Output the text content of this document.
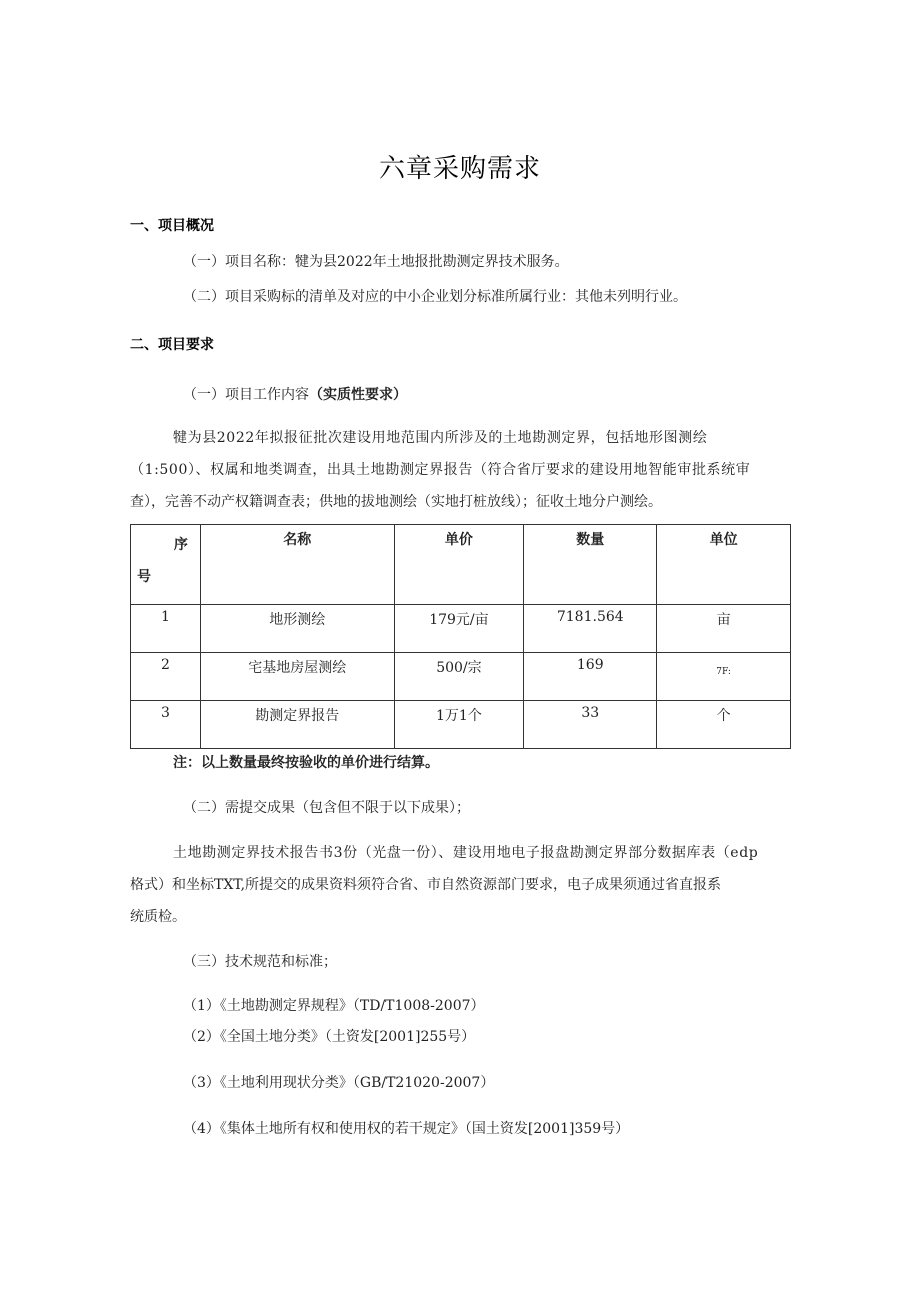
六章采购需求
一、项目概况
（一）项目名称：犍为县2022年土地报批勘测定界技术服务。
（二）项目采购标的清单及对应的中小企业划分标准所属行业：其他未列明行业。
二、项目要求
（一）项目工作内容（实质性要求）
犍为县2022年拟报征批次建设用地范围内所涉及的土地勘测定界，包括地形图测绘
（1:500）、权属和地类调查，出具土地勘测定界报告（符合省厅要求的建设用地智能审批系统审
查），完善不动产权籍调查表；供地的拔地测绘（实地打桩放线）；征收土地分户测绘。
序
号	名称	单价	数量	单位
1	地形测绘	179元/亩	7181.564	亩
2	宅基地房屋测绘	500/宗	169	7F:
3	勘测定界报告	1万1个	33	个
注：以上数量最终按验收的单价进行结算。
（二）需提交成果（包含但不限于以下成果）；
土地勘测定界技术报告书3份（光盘一份）、建设用地电子报盘勘测定界部分数据库表（edp
格式）和坐标TXT,所提交的成果资料须符合省、市自然资源部门要求，电子成果须通过省直报系
统质检。
（三）技术规范和标准；
（1）《土地勘测定界规程》（TD/T1008-2007）
（2）《全国土地分类》（土资发[2001]255号）
（3）《土地利用现状分类》（GB/T21020-2007）
（4）《集体土地所有权和使用权的若干规定》（国土资发[2001]359号）
